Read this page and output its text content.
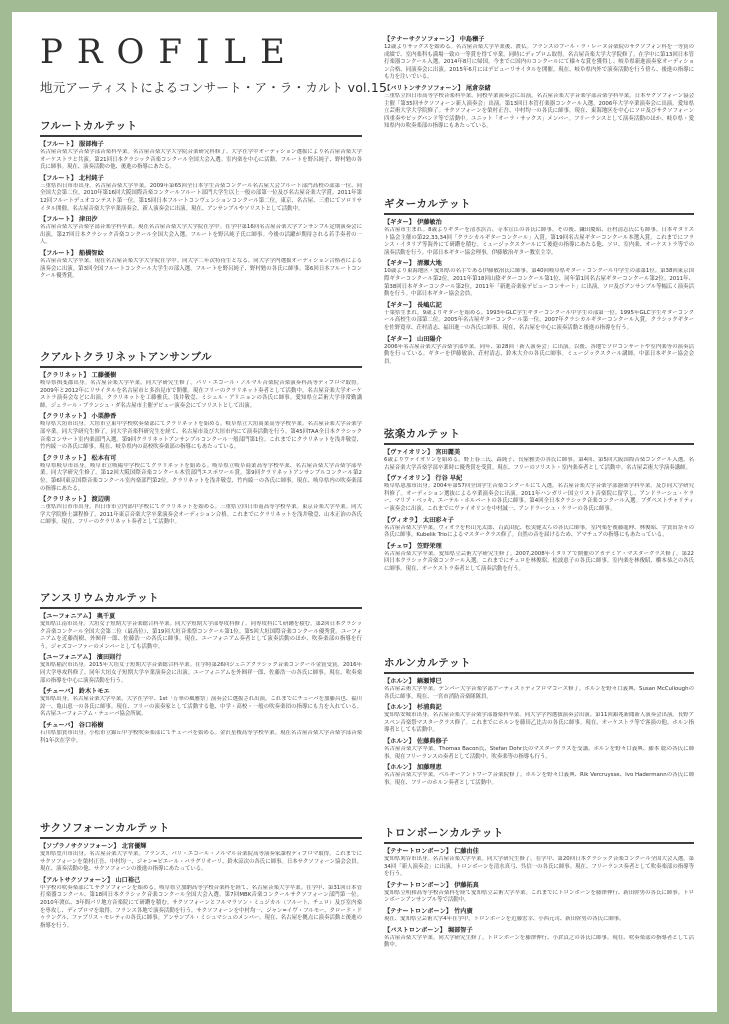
PROFILE
地元アーティストによるコンサート・ア・ラ・カルト vol.15
フルートカルテット
【フルート】 服部梅子
名古屋音楽大学音楽学部音楽科卒業。名古屋音楽大学大学院音楽研究科修了。大学在学中オーディション選抜により名古屋音楽大学オーケストラと共演。第21回日本クラシック音楽コンクール全国大会入選。室内楽を中心に活動。フルートを野呂純子、野村勉の各氏に師事。現在、演奏活動の他、後進の指導にあたる。
【フルート】 北村純子
三重県四日市市出身。名古屋音楽大学卒業。2009年第65回全日本学生音楽コンクール名古屋大会フルート部門高校の部第一位、同全国大会第二位。2010年第16回大阪国際音楽コンクールフルート部門大学生以上一般の部第一位及び名古屋音楽大学賞。2011年第12回フルートデュオコンテスト第一位。第15回日本フルートコンヴェンションコンクール第二位。東京、名古屋、三重にてソロリサイタル開催。名古屋音楽大学卒業演奏会、新人演奏会に出演。現在、アンサンブルやソリストとして活動中。
【フルート】 津田汐
名古屋音楽大学音楽学部音楽学科卒業。現在名古屋音楽大学大学院在学中。在学中第16回名古屋音楽大学アンサンブル定期演奏会に出演。第27回日本クラシック音楽コンクール全国大会入選。フルートを野呂純子氏に師事。今後の活躍が期待される若手奏者の一人。
【フルート】 船橋智絵
名古屋音楽大学卒業。現在名古屋音楽大学大学院在学中。同大学二年次特待生となる。同大学学内選抜オーディション合格者による演奏会に出演。第3回全国フルートコンクール大学生の部入選。フルートを野呂純子、野村勉の各氏に師事。第6回日本フルートコンクール優秀賞。
クアルトクラリネットアンサンブル
【クラリネット】 工藤優樹
岐阜県揖斐郡出身。名古屋音楽大学卒業。同大学研究生修了。パリ・エコール・ノルマル音楽院音楽演奏科高等ディプロマ取得。2009年と2012年にリサイタルを名古屋市と多治見市で開催。現在フリーのクラリネット奏者として活動中。名古屋音楽大学オーケストラ演奏会などに出演。クラリネットを工藤雅氏、浅井敬壹、ミシェル・アリニョンの各氏に師事。愛知県立芸術大学非常勤講師。ジェラール・ブランシュ・ダ名古屋市主催デビュー演奏会にてソリストとして出演。
【クラリネット】 小栗静香
岐阜県大垣市出身。大垣市立東中学校吹奏楽部にてクラリネットを始める。岐阜県立大垣商業高等学校卒業。名古屋音楽大学音楽学部卒業。同大学研究生修了。同大学音楽科研究生を経て、名古屋市及び大垣市内にて演奏活動を行う。第45回TAA全日本クラシック音楽コンサート室内楽部門入選。第9回クラリネットアンサンブルコンクール一般部門第1位。これまでにクラリネットを浅井敬壹、竹内綾一の各氏に師事。現在、岐阜県内の高校吹奏楽部の指導にもあたっている。
【クラリネット】 松本有可
岐阜県岐阜市出身。岐阜市立岐陽中学校にてクラリネットを始める。岐阜県立岐阜商業高等学校卒業、名古屋音楽大学音楽学部卒業。同大学研究生修了。第12回大阪国際音楽コンクール木管部門エスポワール賞。第9回クラリネットアンサンブルコンクール第2位。第6回東京国際音楽コンクール室内楽部門第2位。クラリネットを浅井敬壹、竹内綾一の各氏に師事。現在、岐阜県内の吹奏楽部の指導にあたる。
【クラリネット】 渡辺萌
三重県四日市市出身。四日市市立内部中学校にてクラリネットを始める。三重県立四日市南高等学校卒業。東京音楽大学卒業。同大学大学院修士課程修了。2011年東京音楽大学卒業演奏会オーディション合格。これまでにクラリネットを浅井敬壹、山本正治の各氏に師事。現在、フリーのクラリネット奏者として活動中。
アンスリウムカルテット
【ユーフォニアム】 奥千夏
愛知県江南市出身。大垣女子短期大学音楽総合科卒業。同大学短期大学部専攻科修了。同専攻科にて研鑽を積む。第2回日本クラシック音楽コンクール全国大会第二位（最高位）、第19回大垣音楽祭コンクール第1位。第5回大垣国際音楽コンクール優秀賞。ユーフォニアムを近藤尚樹、外囿祥一郎、佐藤浩一の各氏に師事。現在、ユーフォニアム奏者として演奏活動のほか、吹奏楽部の指導を行う。ジャズコーファーのメンバーとしても活動中。
【ユーフォニアム】 濱田則行
愛知県稲沢市出身。2015年大垣女子短期大学音楽総合科卒業。在学時第26回ジュニアクラシック音楽コンクール金賞受賞。2016年同大学専攻科修了。同年大垣女子短期大学卒業演奏会に出演。ユーフォニアムを外囿祥一郎、佐藤浩一の各氏に師事。現在、吹奏楽部の指導を中心に演奏活動を行う。
【チューバ】 鈴木トモエ
愛知県出身。名古屋音楽大学卒業。大学在学中、1st「万華の風雅祭」演奏会に選抜され出演。これまでにチューバを加藤昌也、福川諒一、亀山恵一の各氏に師事。現在、フリーの演奏家として活動する他、中学・高校・一般の吹奏楽団の指導にも力を入れている。名古屋ユーフォニアム・テューバ協会所属。
【チューバ】 谷口裕樹
石川県加賀市出身。小松市立錦丘中学校吹奏楽部にてチューバを始める。金沢星稜高等学校卒業。現在名古屋音楽大学音楽学部音楽科1年次在学中。
サクソフォーンカルテット
【ソプラノサクソフォーン】 北宮優輝
愛知県豊川市出身。名古屋音楽大学卒業。フランス、パリ・エコール・ノルマル音楽院高等演奏家課程ディプロマ取得。これまでにサクソフォーンを榮村正吾、中村均一、ジャン=ピエール・バラグリオーリ、鈴木涼次の各氏に師事。日本サクソフォーン協会会員。現在、演奏活動の他、サクソフォーンの後進の指導にあたっている。
【アルトサクソフォーン】 山口裕己
中学校の吹奏楽部にてサクソフォーンを始める。岐阜県立加納高等学校音楽科を経て、名古屋音楽大学卒業。在学中、第31回日本管打楽器コンクール、第18回日本クラシック音楽コンクール全国大会入選。第7回MBK音楽コンクールサクソフォーン部門第一位。2010年渡仏、3年間パリ地方音楽院にて研鑽を積む。サクソフォーンとフルマラソン・ミュジカル（フルート、チェロ）及び室内楽を専攻し、ディプロマを取得。フランス各地で演奏活動を行う。サクソフォーンを中村均一、ジャン=イヴ・フルモー、クロード・ドゥラングル、ファブリス・モレティの各氏に師事。アンサンブル・ミシュマシュのメンバー。現在、名古屋を拠点に演奏活動と後進の指導を行う。
【テナーサクソフォーン】 中島穣子
12歳よりサックスを始める。名古屋音楽大学卒業後、渡仏。フランスのブール・ラ・レーヌ音楽院のサクソフォン科を一等賞の成績で、室内楽科も満場一致の一等賞を得て卒業。同時にディプロム取得。名古屋音楽大学大学院修了。在学中に第13回日本管打楽器コンクール入選。2014年8月に帰国。今までに国内のコンクールにて様々な賞を獲得し、岐阜県新進演奏家オーディション合格、同演奏会に出演。2015年6月にはデビューリサイタルを開催。現在、岐阜県内外で演奏活動を行う傍ら、後進の指導にも力を注いでいる。
【バリトンサクソフォーン】 尾倉奈緒
三重県立四日市高等学校音楽科卒業。同校卒業演奏会に出演。名古屋音楽大学音楽学部音楽学科卒業。日本サクソフォーン協会主催「第35回サクソフォーン新人演奏会」出演。第13回日本管打楽器コンクール入選。2006年大学卒業演奏会に出演。愛知県立芸術大学大学院修了。サクソフォーンを榮村正吾、中村均一の各氏に師事。現在、東海地区を中心にソロ及びサクソフォーン四重奏やビッグバンド等で活動中。ユニット「オーラ・サックス」メンバー。フリーランスとして演奏活動のほか、岐阜県・愛知県内の吹奏楽部の指導にもあたっている。
ギターカルテット
【ギター】 伊藤敏治
名古屋市生まれ。8歳よりギターを清水浜吉、寺本宣江の各氏に師事。その後、鎌田慶昭、荘村清志氏にも師事。日本ギタリスト協会主催の第22,33,34回「クラシカルギターコンクール」入賞。第19回名古屋ギターコンクール本選入賞。これまでにフランス・イタリア等海外にて研鑽を積む。ミュージックスクールにて後進の指導にあたる他、ソロ、室内楽、オーケストラ等での演奏活動を行う。中部日本ギター協会理事。伊藤敏治ギター教室主宰。
【ギター】 清瀬大地
10歳より東海地区・愛知県の名手である伊藤敏治氏に師事。第40回岐阜県ギター・コンクール中学生の部第1位。第38回東京国際ギターコンクール第2位。2011年第18回山陰ギターコンクール第1位、同年第1回名古屋ギターコンクール第2位。2011年、第38回日本ギターコンクール第2位。2011年「新進音楽家デビューコンサート」に出演。ソロ及びアンサンブル等幅広く演奏活動を行う。中部日本ギター協会会員。
【ギター】 長嶋広記
千葉県生まれ。9歳よりギターを始める。1993年GLC学生ギターコンクール中学生の部第一位。1995年GLC学生ギターコンクール高校生の部第二位。2005年名古屋ギターコンクール第一位。2007年クラシカルギターコンクール入賞。クラシックギターを佐野寛章、荘村清志、福田進一の各氏に師事。現在、名古屋を中心に演奏活動と後進の指導を行う。
【ギター】 山田陽介
2006年名古屋音楽大学音楽学部卒業。同年、第28回「新人演奏会」に出演。以後、各地でソロコンサートや室内楽等の演奏活動を行っている。ギターを伊藤敏治、荘村清志、鈴木大介の各氏に師事。ミュージックスクール講師。中部日本ギター協会会員。
弦楽カルテット
【ヴァイオリン】 宮田麗美
6歳よりヴァイオリンを始める。野上春三氏、森純子、長屋雅美の各氏に師事。第4回、第5回大阪国際音楽コンクール入選。名古屋音楽大学音楽学部卒業時に優秀賞を受賞。現在、フリーのソリスト・室内楽奏者として活動中。名古屋芸術大学演奏講師。
【ヴァイオリン】 行谷 早紀
岐阜県恵那市出身。2004年第57回全国学生音楽コンクールにて入選。名古屋音楽大学音楽学部器楽学科卒業。及び同大学研究科修了。オーディション選抜による卒業演奏会に出演。2011年ハンガリー国立リスト音楽院に留学し、アンドラーシュ・ケラー、マリア・ベッキ、エーテル・ホルバートの各氏に師事。第4回全日本クラシック音楽コンクール入選。ブダペストチャリティー演奏会に出演。これまでにヴァイオリンを中村誠一、アンドラーシュ・ケラーの各氏に師事。
【ヴィオラ】 太田彩々子
名古屋音楽大学卒業。ヴィオラを杉山光太郎、百武由紀、松実健太らの各氏に師事。室内楽を後藤龍伸、林俊昭、宇賀田奈々の各氏に師事。Kubelik Trioによるマスタークラス修了。自然の音を届けるため、アマチュアの指導にもあたっている。
【チェロ】 笠野栄理
名古屋音楽大学卒業。愛知県立芸術大学研究生修了。2007,2008年イタリアで開催のアカデミア・マスタークラス修了。第22回日本クラシック音楽コンクール入選。これまでにチェロを林俊昭、松波恵子の各氏に師事。室内楽を林俊昭、橋本恭之の各氏に師事。現在、オーケストラ奏者として演奏活動を行う。
ホルンカルテット
【ホルン】 鏑瀬博巳
名古屋芸術大学卒業。デンバー大学音楽学部アーティストディプロマコース修了。ホルンを野々口義典、Susan McCulloughの各氏に師事。現在、一宮市消防音楽隊隊員。
【ホルン】 杉浦典記
愛知県安城市出身。名古屋音楽大学音楽学部器楽科卒業。同大学学内選抜演奏会出演。第11回銀兆新聞新人演奏会出演。長野アスペン音楽祭マスタークラス修了。これまでにホルンを藤田乙比古の各氏に師事。現在、オーケストラ等で客演の他、ホルン指導者としても活動中。
【ホルン】 佐藤典修子
名古屋音楽大学卒業。Thomas Bacon氏、Stefan Dohr氏のマスタークラスを受講。ホルンを野々口義典、藤本 聡の各氏に師事。現在フリーランスの奏者として活動中。吹奏楽等の指導も行う。
【ホルン】 加藤理恵
名古屋音楽大学卒業。ベルギーアントワープ音楽院修了。ホルンを野々口義典、Rik Vercruysse、Ivo Hadermannの各氏に師事。現在、フリーのホルン奏者として活動中。
トロンボーンカルテット
【テナートロンボーン】 仁藤由佳
愛知県刈谷市出身。名古屋音楽大学卒業。同大学研究生修了。在学中、第20回日本クラシック音楽コンクール全国大会入選。第34回「新人演奏会」に出演。トロンボーンを清水真弓、呉信一の各氏に師事。現在、フリーランス奏者として吹奏楽部の指導等を行う。
【テナートロンボーン】 伊藤拓真
愛知県立明和高等学校音楽科を経て愛知県立芸術大学卒業。これまでにトロンボーンを藤澤伸行、新田幹男の各氏に師事。トロンボーンアンサンブル等で活動中。
【テナートロンボーン】 竹内廣
現在、愛知県立芸術大学4年在学中。トロンボーンを近藤宏幸、小西元司、新田幹男の各氏に師事。
【バストロンボーン】 堀部智子
名古屋音楽大学卒業。同大学研究生修了。トロンボーンを藤澤伸行、小倉貞之の各氏に師事。現在、吹奏楽部の指導者として活動中。
